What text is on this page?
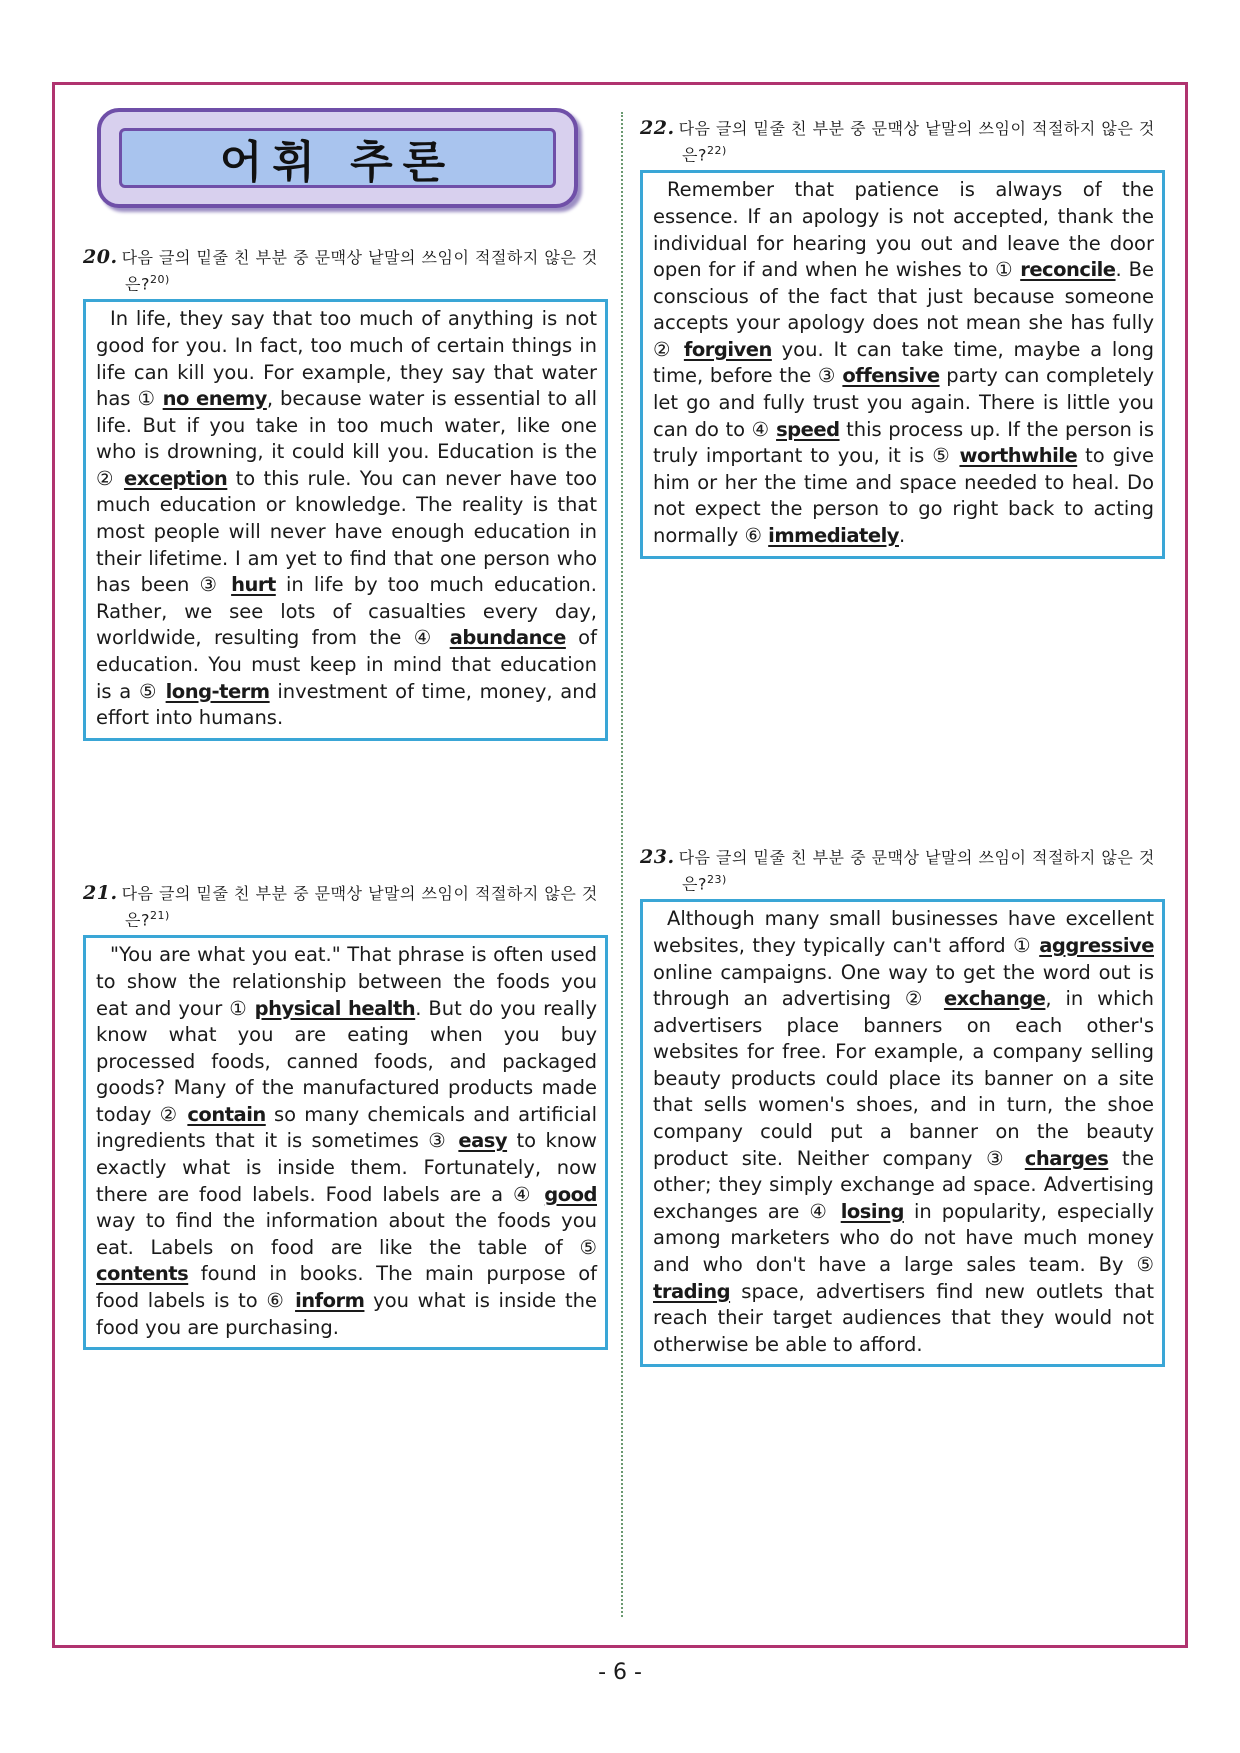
어휘 추론
20. 다음 글의 밑줄 친 부분 중 문맥상 낱말의 쓰임이 적절하지 않은 것은?$^{20)}$

In life, they say that too much of anything is not good for you. In fact, too much of certain things in life can kill you. For example, they say that water has ① no enemy, because water is essential to all life. But if you take in too much water, like one who is drowning, it could kill you. Education is the ② exception to this rule. You can never have too much education or knowledge. The reality is that most people will never have enough education in their lifetime. I am yet to find that one person who has been ③ hurt in life by too much education. Rather, we see lots of casualties every day, worldwide, resulting from the ④ abundance of education. You must keep in mind that education is a ⑤ long-term investment of time, money, and effort into humans.

21. 다음 글의 밑줄 친 부분 중 문맥상 낱말의 쓰임이 적절하지 않은 것은?$^{21)}$

"You are what you eat." That phrase is often used to show the relationship between the foods you eat and your ① physical health. But do you really know what you are eating when you buy processed foods, canned foods, and packaged goods? Many of the manufactured products made today ② contain so many chemicals and artificial ingredients that it is sometimes ③ easy to know exactly what is inside them. Fortunately, now there are food labels. Food labels are a ④ good way to find the information about the foods you eat. Labels on food are like the table of ⑤ contents found in books. The main purpose of food labels is to ⑥ inform you what is inside the food you are purchasing.

22. 다음 글의 밑줄 친 부분 중 문맥상 낱말의 쓰임이 적절하지 않은 것은?$^{22)}$

Remember that patience is always of the essence. If an apology is not accepted, thank the individual for hearing you out and leave the door open for if and when he wishes to ① reconcile. Be conscious of the fact that just because someone accepts your apology does not mean she has fully ② forgiven you. It can take time, maybe a long time, before the ③ offensive party can completely let go and fully trust you again. There is little you can do to ④ speed this process up. If the person is truly important to you, it is ⑤ worthwhile to give him or her the time and space needed to heal. Do not expect the person to go right back to acting normally ⑥ immediately.

23. 다음 글의 밑줄 친 부분 중 문맥상 낱말의 쓰임이 적절하지 않은 것은?$^{23)}$

Although many small businesses have excellent websites, they typically can't afford ① aggressive online campaigns. One way to get the word out is through an advertising ② exchange, in which advertisers place banners on each other's websites for free. For example, a company selling beauty products could place its banner on a site that sells women's shoes, and in turn, the shoe company could put a banner on the beauty product site. Neither company ③ charges the other; they simply exchange ad space. Advertising exchanges are ④ losing in popularity, especially among marketers who do not have much money and who don't have a large sales team. By ⑤ trading space, advertisers find new outlets that reach their target audiences that they would not otherwise be able to afford.

- 6 -
